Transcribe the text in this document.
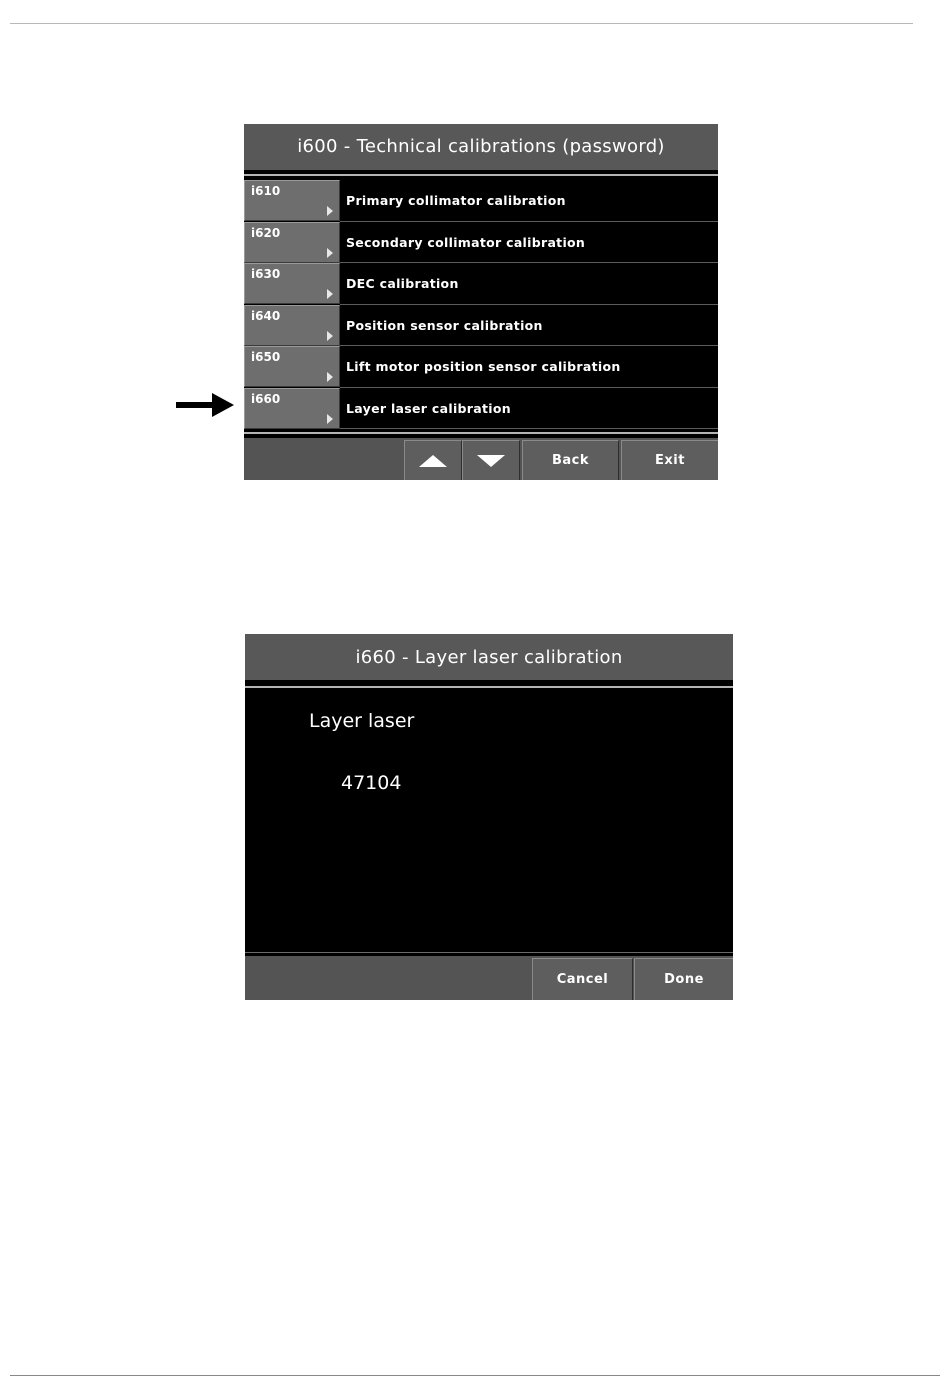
i600 - Technical calibrations (password)
i610
Primary collimator calibration
i620
Secondary collimator calibration
i630
DEC calibration
i640
Position sensor calibration
i650
Lift motor position sensor calibration
i660
Layer laser calibration
Back	Exit
i660 - Layer laser calibration
Layer laser
47104
Cancel	Done
